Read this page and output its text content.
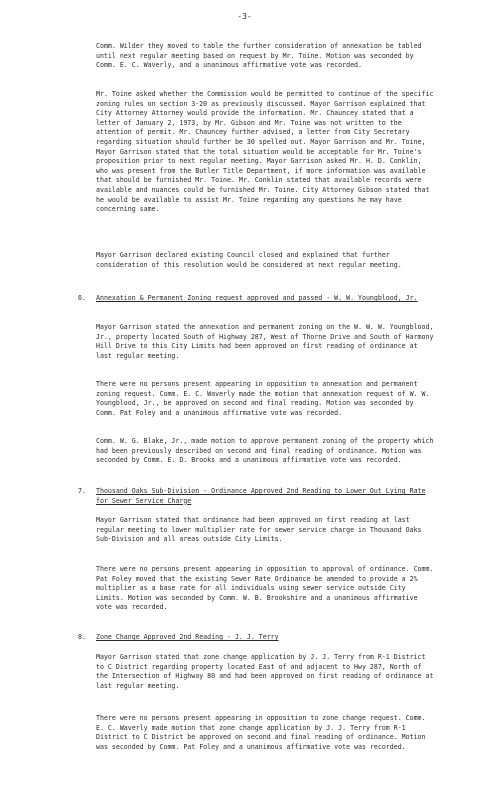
-3-
Comm. Wilder they moved to table the further consideration of annexation be tabled until next regular meeting based on request by Mr. Toine. Motion was seconded by Comm. E. C. Waverly, and a unanimous affirmative vote was recorded.
Mr. Toine asked whether the Commission would be permitted to continue of the specific zoning rules on section 3-20 as previously discussed. Mayor Garrison explained that City Attorney Attorney would provide the information. Mr. Chauncey stated that a letter of January 2, 1973, by Mr. Gibson and Mr. Toine was not written to the attention of permit. Mr. Chauncey further advised, a letter from City Secretary regarding situation should further be 30 spelled out. Mayor Garrison and Mr. Toine, Mayor Garrison stated that the total situation would be acceptable for Mr. Toine's proposition prior to next regular meeting. Mayor Garrison asked Mr. H. D. Conklin, who was present from the Butler Title Department, if more information was available that should be furnished Mr. Toine. Mr. Conklin stated that available records were available and nuances could be furnished Mr. Toine. City Attorney Gibson stated that he would be available to assist Mr. Toine regarding any questions he may have concerning same.
Mayor Garrison declared existing Council closed and explained that further consideration of this resolution would be considered at next regular meeting.
6. Annexation & Permanent Zoning request approved and passed - W. W. Youngblood, Jr.
Mayor Garrison stated the annexation and permanent zoning on the W. W. W. Youngblood, Jr., property located South of Highway 287, West of Thorne Drive and South of Harmony Hill Drive to this City Limits had been approved on first reading of ordinance at last regular meeting.
There were no persons present appearing in opposition to annexation and permanent zoning request. Comm. E. C. Waverly made the motion that annexation request of W. W. Youngblood, Jr., be approved on second and final reading. Motion was seconded by Comm. Pat Foley and a unanimous affirmative vote was recorded.
Comm. W. G. Blake, Jr., made motion to approve permanent zoning of the property which had been previously described on second and final reading of ordinance. Motion was seconded by Comm. E. D. Brooks and a unanimous affirmative vote was recorded.
7. Thousand Oaks Sub-Division - Ordinance Approved 2nd Reading to Lower Out Lying Rate for Sewer Service Charge
Mayor Garrison stated that ordinance had been approved on first reading at last regular meeting to lower multiplier rate for sewer service charge in Thousand Oaks Sub-Division and all areas outside City Limits.
There were no persons present appearing in opposition to approval of ordinance. Comm. Pat Foley moved that the existing Sewer Rate Ordinance be amended to provide a 2% multiplier as a base rate for all individuals using sewer service outside City Limits. Motion was seconded by Comm. W. B. Brookshire and a unanimous affirmative vote was recorded.
8. Zone Change Approved 2nd Reading - J. J. Terry
Mayor Garrison stated that zone change application by J. J. Terry from R-1 District to C District regarding property located East of and adjacent to Hwy 287, North of the Intersection of Highway 80 and had been approved on first reading of ordinance at last regular meeting.
There were no persons present appearing in opposition to zone change request. Comm. E. C. Waverly made motion that zone change application by J. J. Terry from R-1 District to C District be approved on second and final reading of ordinance. Motion was seconded by Comm. Pat Foley and a unanimous affirmative vote was recorded.
